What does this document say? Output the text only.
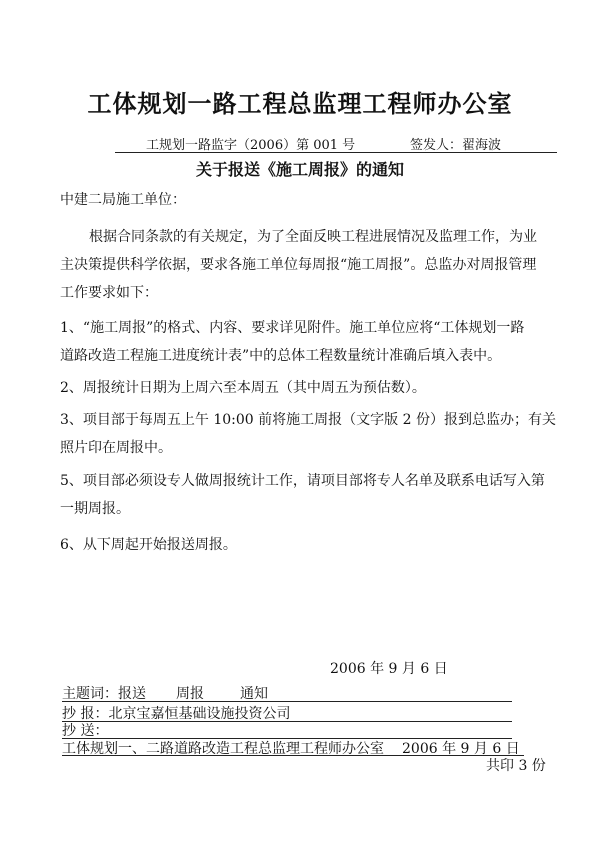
工体规划一路工程总监理工程师办公室
工规划一路监字（2006）第 001 号	签发人：翟海波
关于报送《施工周报》的通知
中建二局施工单位：
根据合同条款的有关规定，为了全面反映工程进展情况及监理工作，为业
主决策提供科学依据，要求各施工单位每周报“施工周报”。总监办对周报管理
工作要求如下：
1、“施工周报”的格式、内容、要求详见附件。施工单位应将“工体规划一路
道路改造工程施工进度统计表”中的总体工程数量统计准确后填入表中。
2、周报统计日期为上周六至本周五（其中周五为预估数）。
3、项目部于每周五上午 10:00 前将施工周报（文字版 2 份）报到总监办；有关
照片印在周报中。
5、项目部必须设专人做周报统计工作，请项目部将专人名单及联系电话写入第
一期周报。
6、从下周起开始报送周报。
2006 年 9 月 6 日
主题词：报送 周报	通知
抄 报：北京宝嘉恒基础设施投资公司
抄 送：
工体规划一、二路道路改造工程总监理工程师办公室 2006 年 9 月 6 日
共印 3 份
